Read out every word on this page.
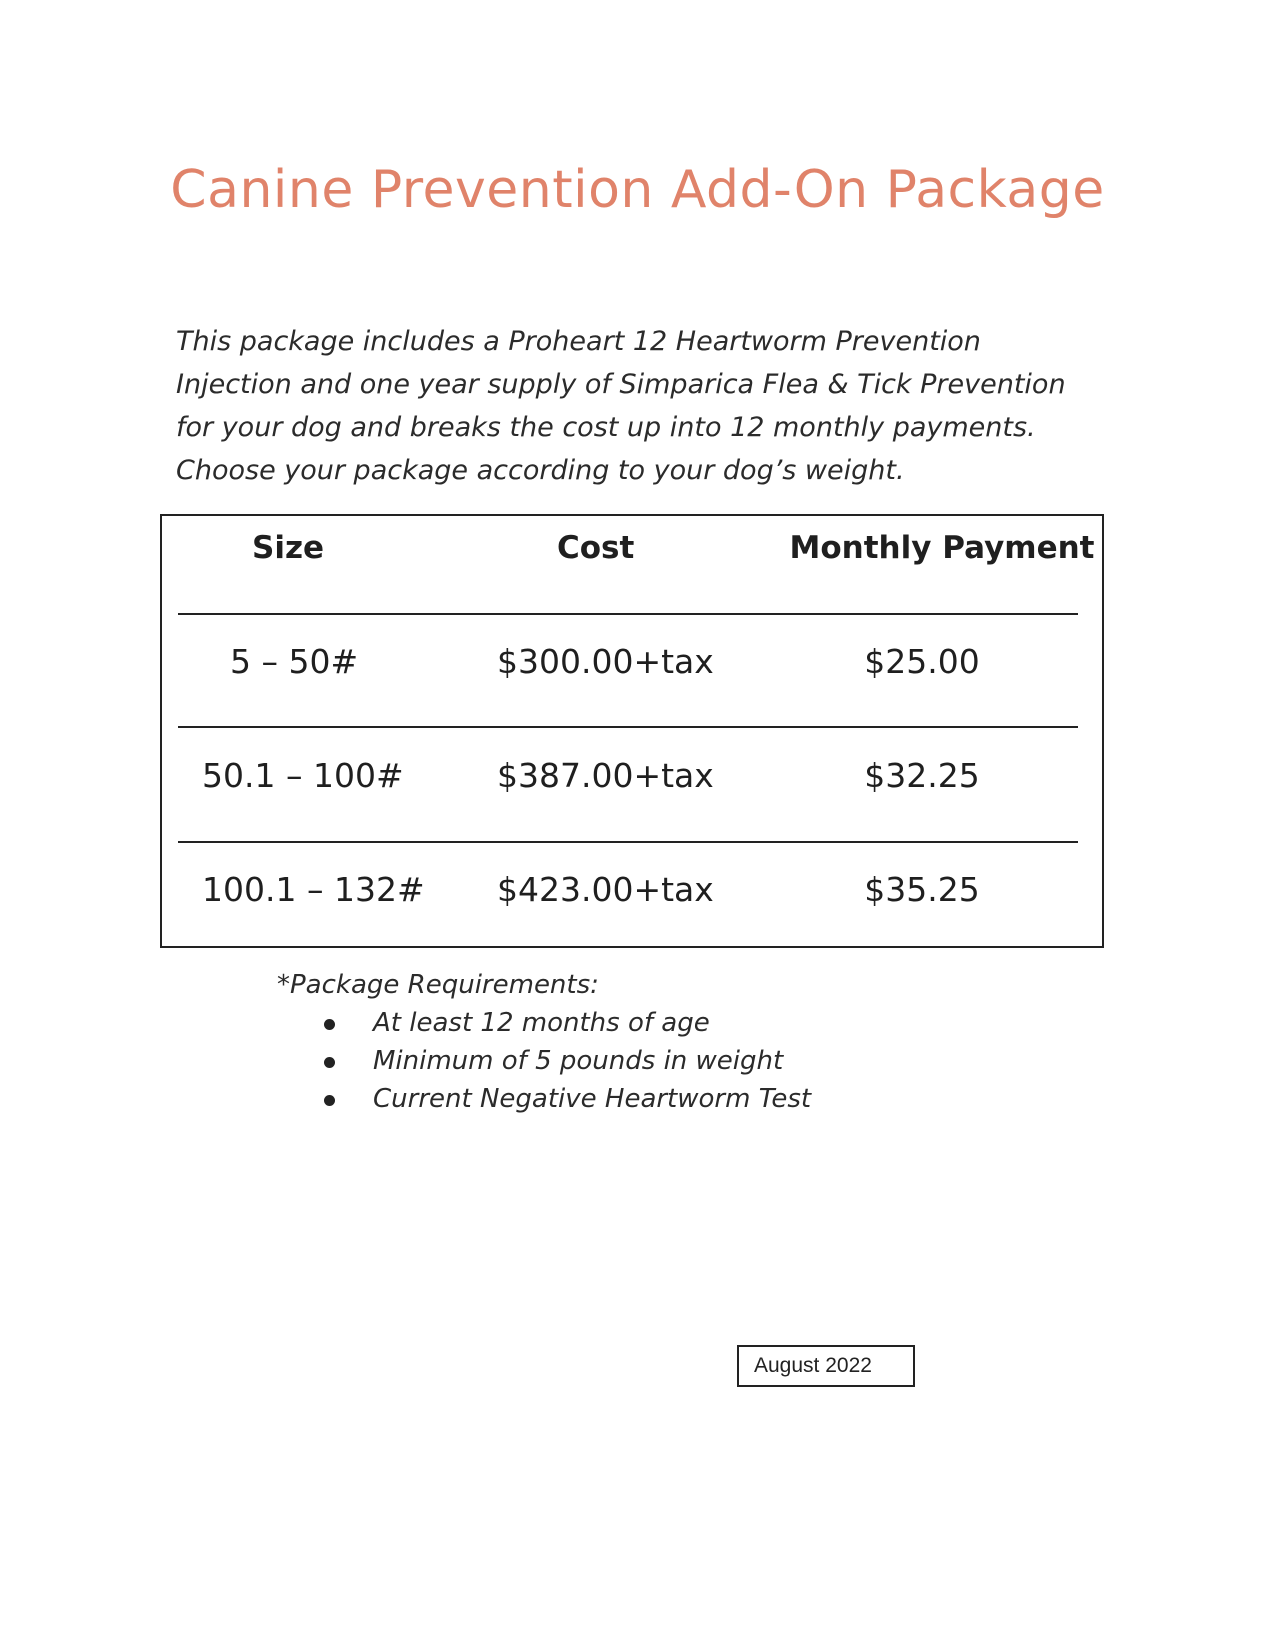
Canine Prevention Add-On Package

This package includes a Proheart 12 Heartworm Prevention Injection and one year supply of Simparica Flea & Tick Prevention for your dog and breaks the cost up into 12 monthly payments. Choose your package according to your dog’s weight.

Size	Cost	Monthly Payment
5 – 50#	$300.00+tax	$25.00
50.1 – 100#	$387.00+tax	$32.25
100.1 – 132# $423.00+tax	$35.25

*Package Requirements:

At least 12 months of age
Minimum of 5 pounds in weight
Current Negative Heartworm Test
August 2022
